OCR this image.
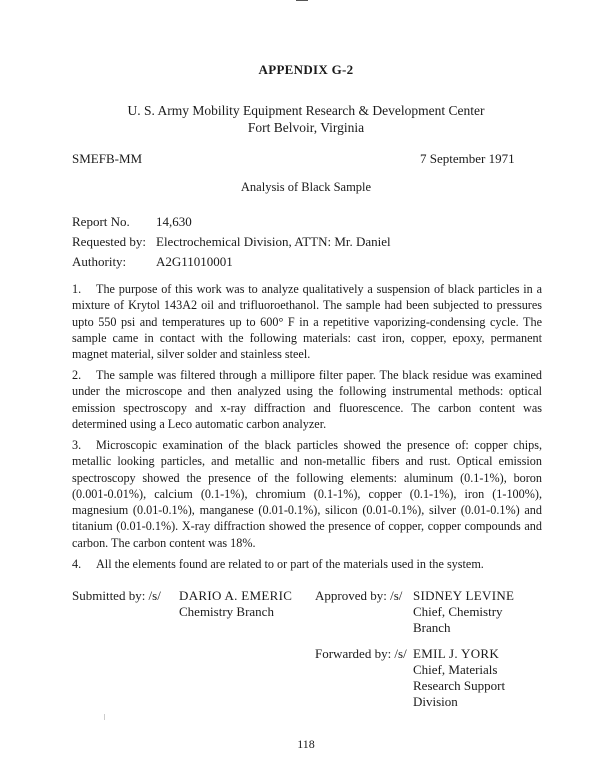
APPENDIX G-2
U. S. Army Mobility Equipment Research & Development Center
Fort Belvoir, Virginia
SMEFB-MM	7 September 1971
Analysis of Black Sample
Report No.	14,630
Requested by: Electrochemical Division, ATTN: Mr. Daniel
Authority:	A2G11010001
1. The purpose of this work was to analyze qualitatively a suspension of black particles in a mixture of Krytol 143A2 oil and trifluoroethanol. The sample had been subjected to pressures upto 550 psi and temperatures up to 600° F in a repetitive vaporizing-condensing cycle. The sample came in contact with the following materials: cast iron, copper, epoxy, permanent magnet material, silver solder and stainless steel.
2. The sample was filtered through a millipore filter paper. The black residue was examined under the microscope and then analyzed using the following instrumental methods: optical emission spectroscopy and x-ray diffraction and fluorescence. The carbon content was determined using a Leco automatic carbon analyzer.
3. Microscopic examination of the black particles showed the presence of: copper chips, metallic looking particles, and metallic and non-metallic fibers and rust. Optical emission spectroscopy showed the presence of the following elements: aluminum (0.1-1%), boron (0.001-0.01%), calcium (0.1-1%), chromium (0.1-1%), copper (0.1-1%), iron (1-100%), magnesium (0.01-0.1%), manganese (0.01-0.1%), silicon (0.01-0.1%), silver (0.01-0.1%) and titanium (0.01-0.1%). X-ray diffraction showed the presence of copper, copper compounds and carbon. The carbon content was 18%.
4. All the elements found are related to or part of the materials used in the system.
Submitted by: /s/ DARIO A. EMERIC
Chemistry Branch
Approved by: /s/ SIDNEY LEVINE
Chief, Chemistry
Branch
Forwarded by: /s/ EMIL J. YORK
Chief, Materials
Research Support
Division
118
